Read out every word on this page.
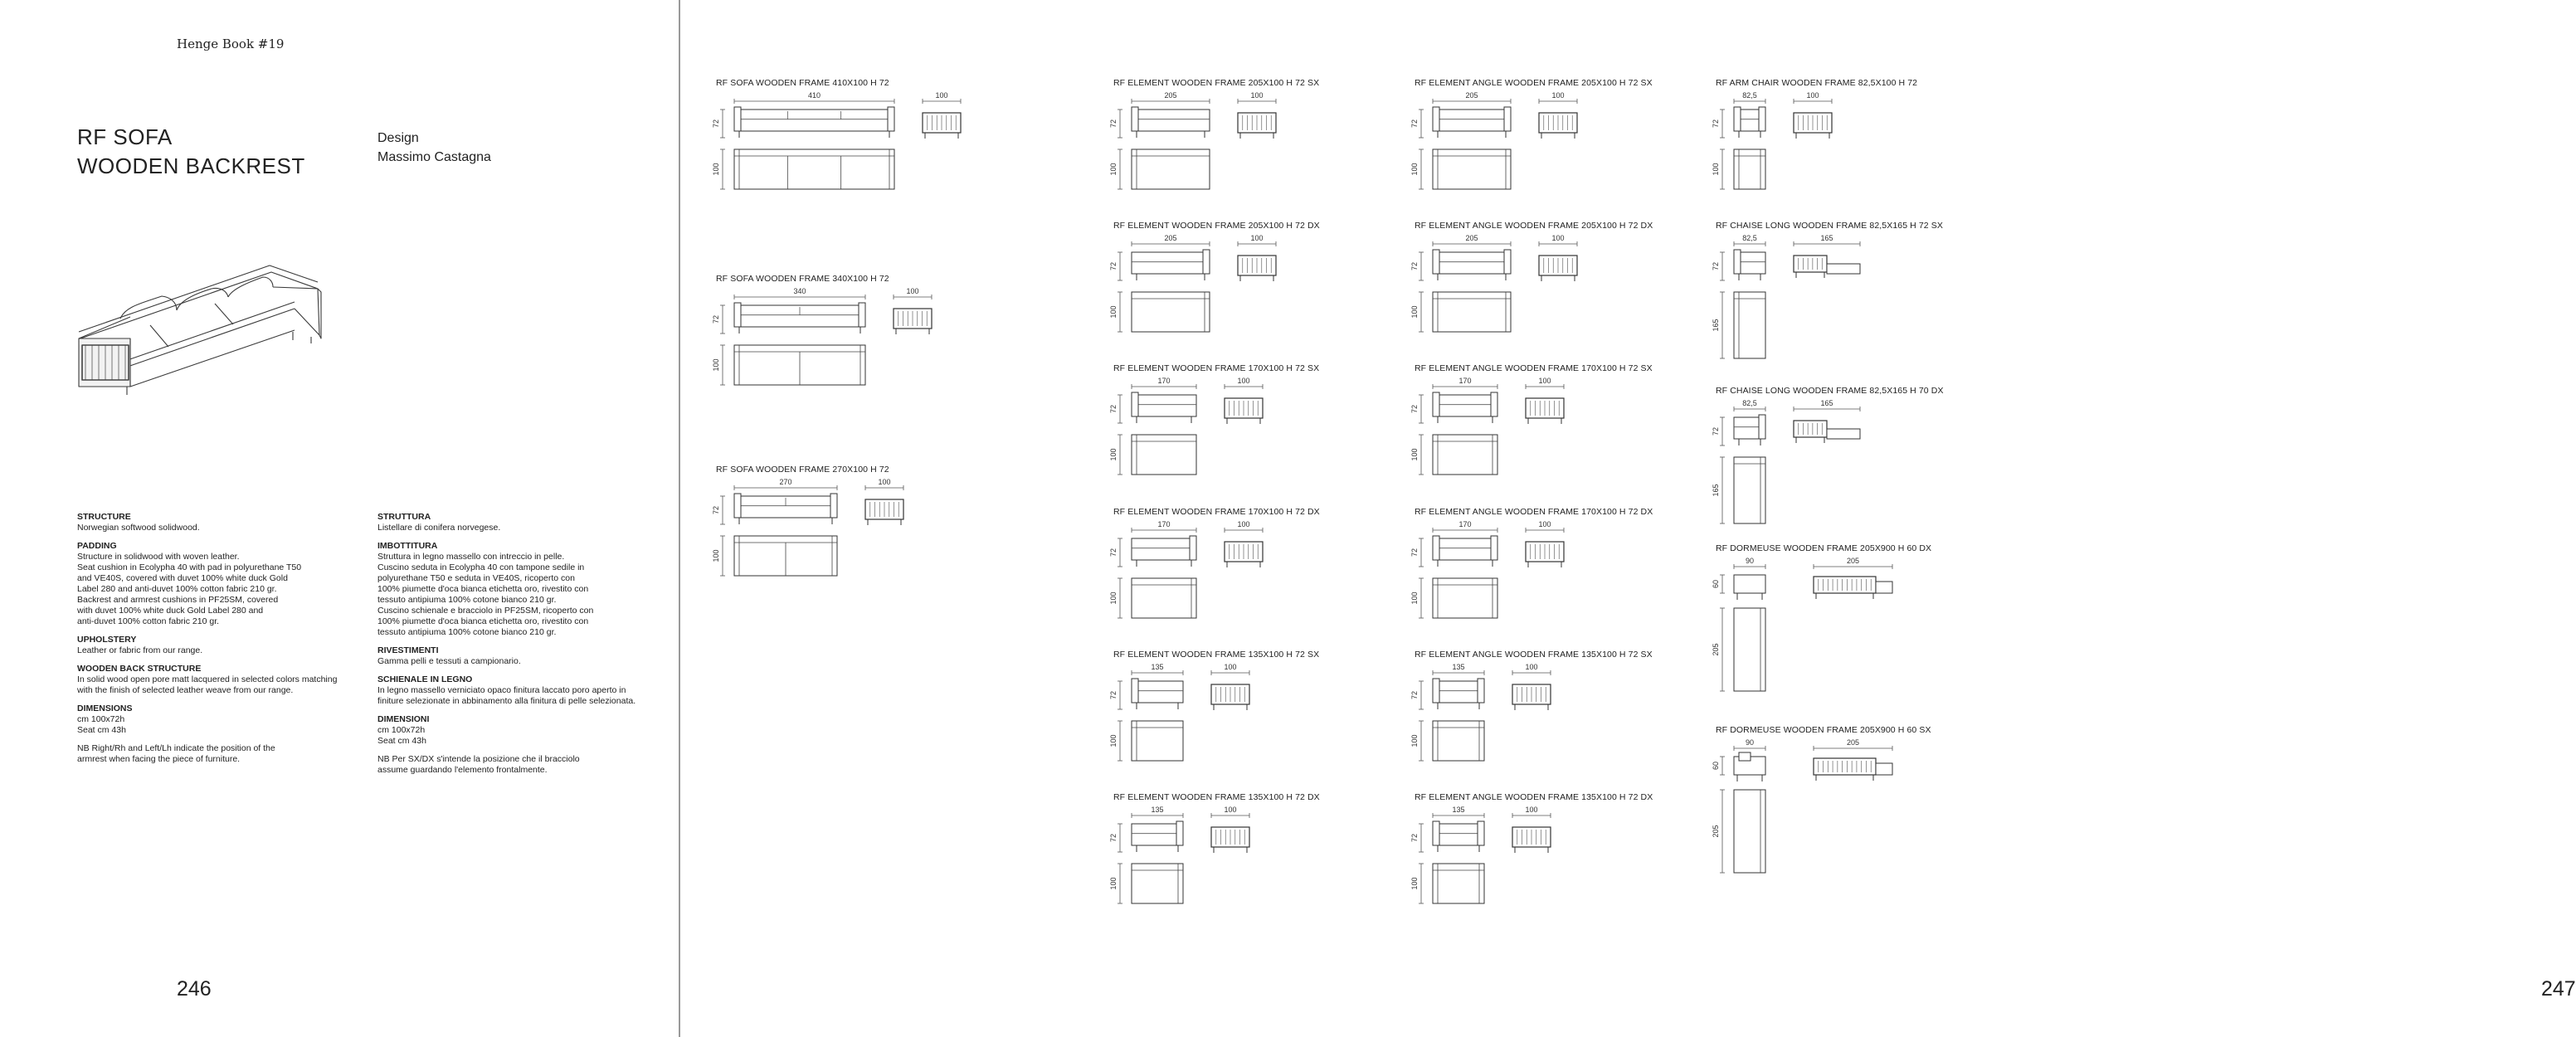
Henge Book #19
RF SOFA
WOODEN BACKREST
Design
Massimo Castagna
STRUCTURE
Norwegian softwood solidwood.
PADDING
Structure in solidwood with woven leather.
Seat cushion in Ecolypha 40 with pad in polyurethane T50
and VE40S, covered with duvet 100% white duck Gold
Label 280 and anti-duvet 100% cotton fabric 210 gr.
Backrest and armrest cushions in PF25SM, covered
with duvet 100% white duck Gold Label 280 and
anti-duvet 100% cotton fabric 210 gr.
UPHOLSTERY
Leather or fabric from our range.
WOODEN BACK STRUCTURE
In solid wood open pore matt lacquered in selected colors matching
with the finish of selected leather weave from our range.
DIMENSIONS
cm 100x72h
Seat cm 43h
NB Right/Rh and Left/Lh indicate the position of the
armrest when facing the piece of furniture.
STRUTTURA
Listellare di conifera norvegese.
IMBOTTITURA
Struttura in legno massello con intreccio in pelle.
Cuscino seduta in Ecolypha 40 con tampone sedile in
polyurethane T50 e seduta in VE40S, ricoperto con
100% piumette d'oca bianca etichetta oro, rivestito con
tessuto antipiuma 100% cotone bianco 210 gr.
Cuscino schienale e bracciolo in PF25SM, ricoperto con
100% piumette d'oca bianca etichetta oro, rivestito con
tessuto antipiuma 100% cotone bianco 210 gr.
RIVESTIMENTI
Gamma pelli e tessuti a campionario.
SCHIENALE IN LEGNO
In legno massello verniciato opaco finitura laccato poro aperto in
finiture selezionate in abbinamento alla finitura di pelle selezionata.
DIMENSIONI
cm 100x72h
Seat cm 43h
NB Per SX/DX s'intende la posizione che il bracciolo
assume guardando l'elemento frontalmente.
246
RF SOFA WOODEN FRAME 410X100 H 72
410
72
100
100
RF SOFA WOODEN FRAME 340X100 H 72
340
72
100
100
RF SOFA WOODEN FRAME 270X100 H 72
270
72
100
100
RF ELEMENT WOODEN FRAME 205X100 H 72 SX
205
72
100
100
RF ELEMENT WOODEN FRAME 205X100 H 72 DX
205
72
100
100
RF ELEMENT WOODEN FRAME 170X100 H 72 SX
170
72
100
100
RF ELEMENT WOODEN FRAME 170X100 H 72 DX
170
72
100
100
RF ELEMENT WOODEN FRAME 135X100 H 72 SX
135
72
100
100
RF ELEMENT WOODEN FRAME 135X100 H 72 DX
135
72
100
100
RF ELEMENT ANGLE WOODEN FRAME 205X100 H 72 SX
205
72
100
100
RF ELEMENT ANGLE WOODEN FRAME 205X100 H 72 DX
205
72
100
100
RF ELEMENT ANGLE WOODEN FRAME 170X100 H 72 SX
170
72
100
100
RF ELEMENT ANGLE WOODEN FRAME 170X100 H 72 DX
170
72
100
100
RF ELEMENT ANGLE WOODEN FRAME 135X100 H 72 SX
135
72
100
100
RF ELEMENT ANGLE WOODEN FRAME 135X100 H 72 DX
135
72
100
100
RF ARM CHAIR WOODEN FRAME 82,5X100 H 72
82,5
72
100
100
RF CHAISE LONG WOODEN FRAME 82,5X165 H 72 SX
82,5
72
165
165
RF CHAISE LONG WOODEN FRAME 82,5X165 H 70 DX
82,5
72
165
165
RF DORMEUSE WOODEN FRAME 205X900 H 60 DX
90
60
205
205
RF DORMEUSE WOODEN FRAME 205X900 H 60 SX
90
60
205
205
247
